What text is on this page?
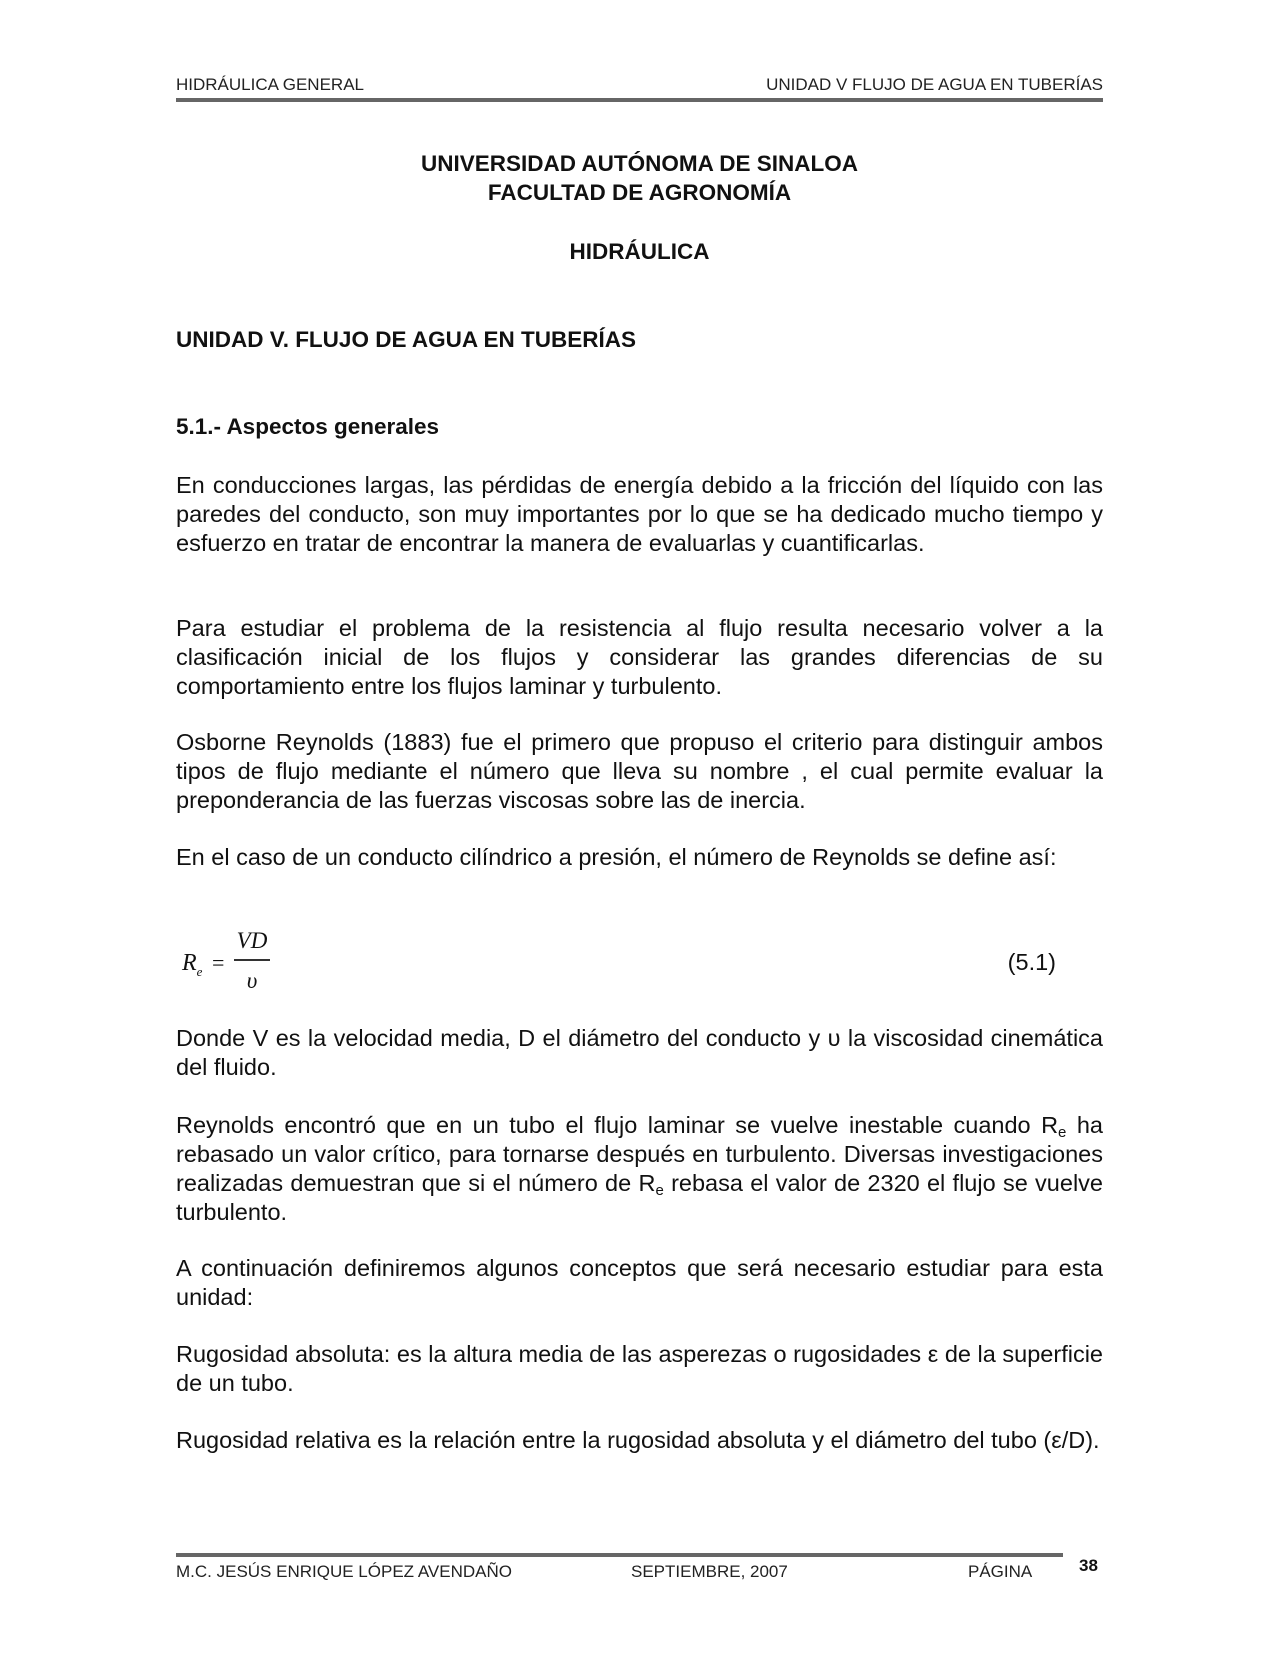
HIDRÁULICA GENERAL	UNIDAD V FLUJO DE AGUA EN TUBERÍAS
UNIVERSIDAD AUTÓNOMA DE SINALOA
FACULTAD DE AGRONOMÍA
HIDRÁULICA
UNIDAD V. FLUJO DE AGUA EN TUBERÍAS
5.1.- Aspectos generales

En conducciones largas, las pérdidas de energía debido a la fricción del líquido con las paredes del conducto, son muy importantes por lo que se ha dedicado mucho tiempo y esfuerzo en tratar de encontrar la manera de evaluarlas y cuantificarlas.

Para estudiar el problema de la resistencia al flujo resulta necesario volver a la clasificación inicial de los flujos y considerar las grandes diferencias de su comportamiento entre los flujos laminar y turbulento.

Osborne Reynolds (1883) fue el primero que propuso el criterio para distinguir ambos tipos de flujo mediante el número que lleva su nombre , el cual permite evaluar la preponderancia de las fuerzas viscosas sobre las de inercia.

En el caso de un conducto cilíndrico a presión, el número de Reynolds se define así:

$R_e$ =
VD
υ
(5.1)

Donde V es la velocidad media, D el diámetro del conducto y υ la viscosidad cinemática del fluido.

Reynolds encontró que en un tubo el flujo laminar se vuelve inestable cuando $R_e$ ha rebasado un valor crítico, para tornarse después en turbulento. Diversas investigaciones realizadas demuestran que si el número de $R_e$ rebasa el valor de 2320 el flujo se vuelve turbulento.

A continuación definiremos algunos conceptos que será necesario estudiar para esta unidad:

Rugosidad absoluta: es la altura media de las asperezas o rugosidades ε de la superficie de un tubo.

Rugosidad relativa es la relación entre la rugosidad absoluta y el diámetro del tubo (ε/D).

M.C. JESÚS ENRIQUE LÓPEZ AVENDAÑO	SEPTIEMBRE, 2007	PÁGINA	38
